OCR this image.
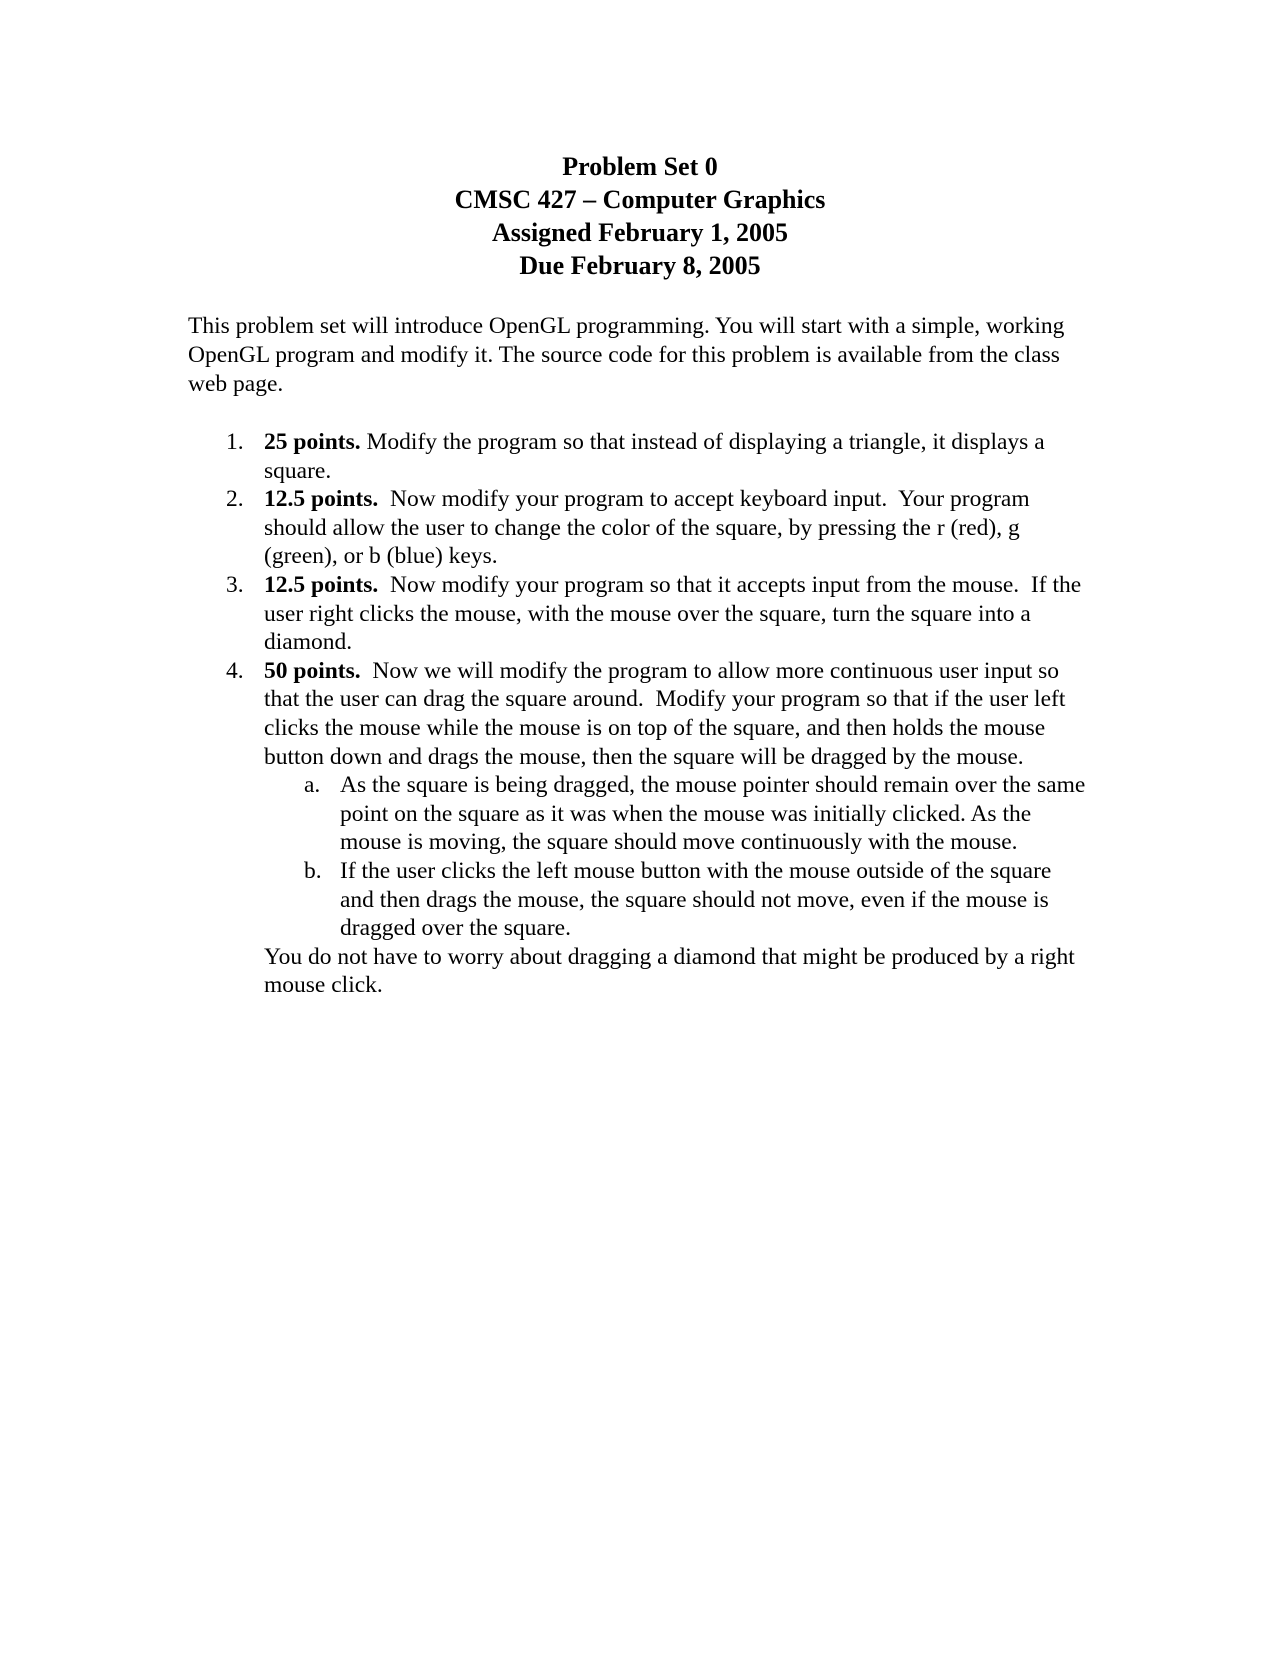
Problem Set 0
CMSC 427 – Computer Graphics
Assigned February 1, 2005
Due February 8, 2005
This problem set will introduce OpenGL programming. You will start with a simple, working OpenGL program and modify it. The source code for this problem is available from the class web page.
1. 25 points. Modify the program so that instead of displaying a triangle, it displays a square.
2. 12.5 points.  Now modify your program to accept keyboard input.  Your program should allow the user to change the color of the square, by pressing the r (red), g (green), or b (blue) keys.
3. 12.5 points.  Now modify your program so that it accepts input from the mouse.  If the user right clicks the mouse, with the mouse over the square, turn the square into a diamond.
4. 50 points.  Now we will modify the program to allow more continuous user input so that the user can drag the square around.  Modify your program so that if the user left clicks the mouse while the mouse is on top of the square, and then holds the mouse button down and drags the mouse, then the square will be dragged by the mouse.
a. As the square is being dragged, the mouse pointer should remain over the same point on the square as it was when the mouse was initially clicked. As the mouse is moving, the square should move continuously with the mouse.
b. If the user clicks the left mouse button with the mouse outside of the square and then drags the mouse, the square should not move, even if the mouse is dragged over the square.
You do not have to worry about dragging a diamond that might be produced by a right mouse click.
